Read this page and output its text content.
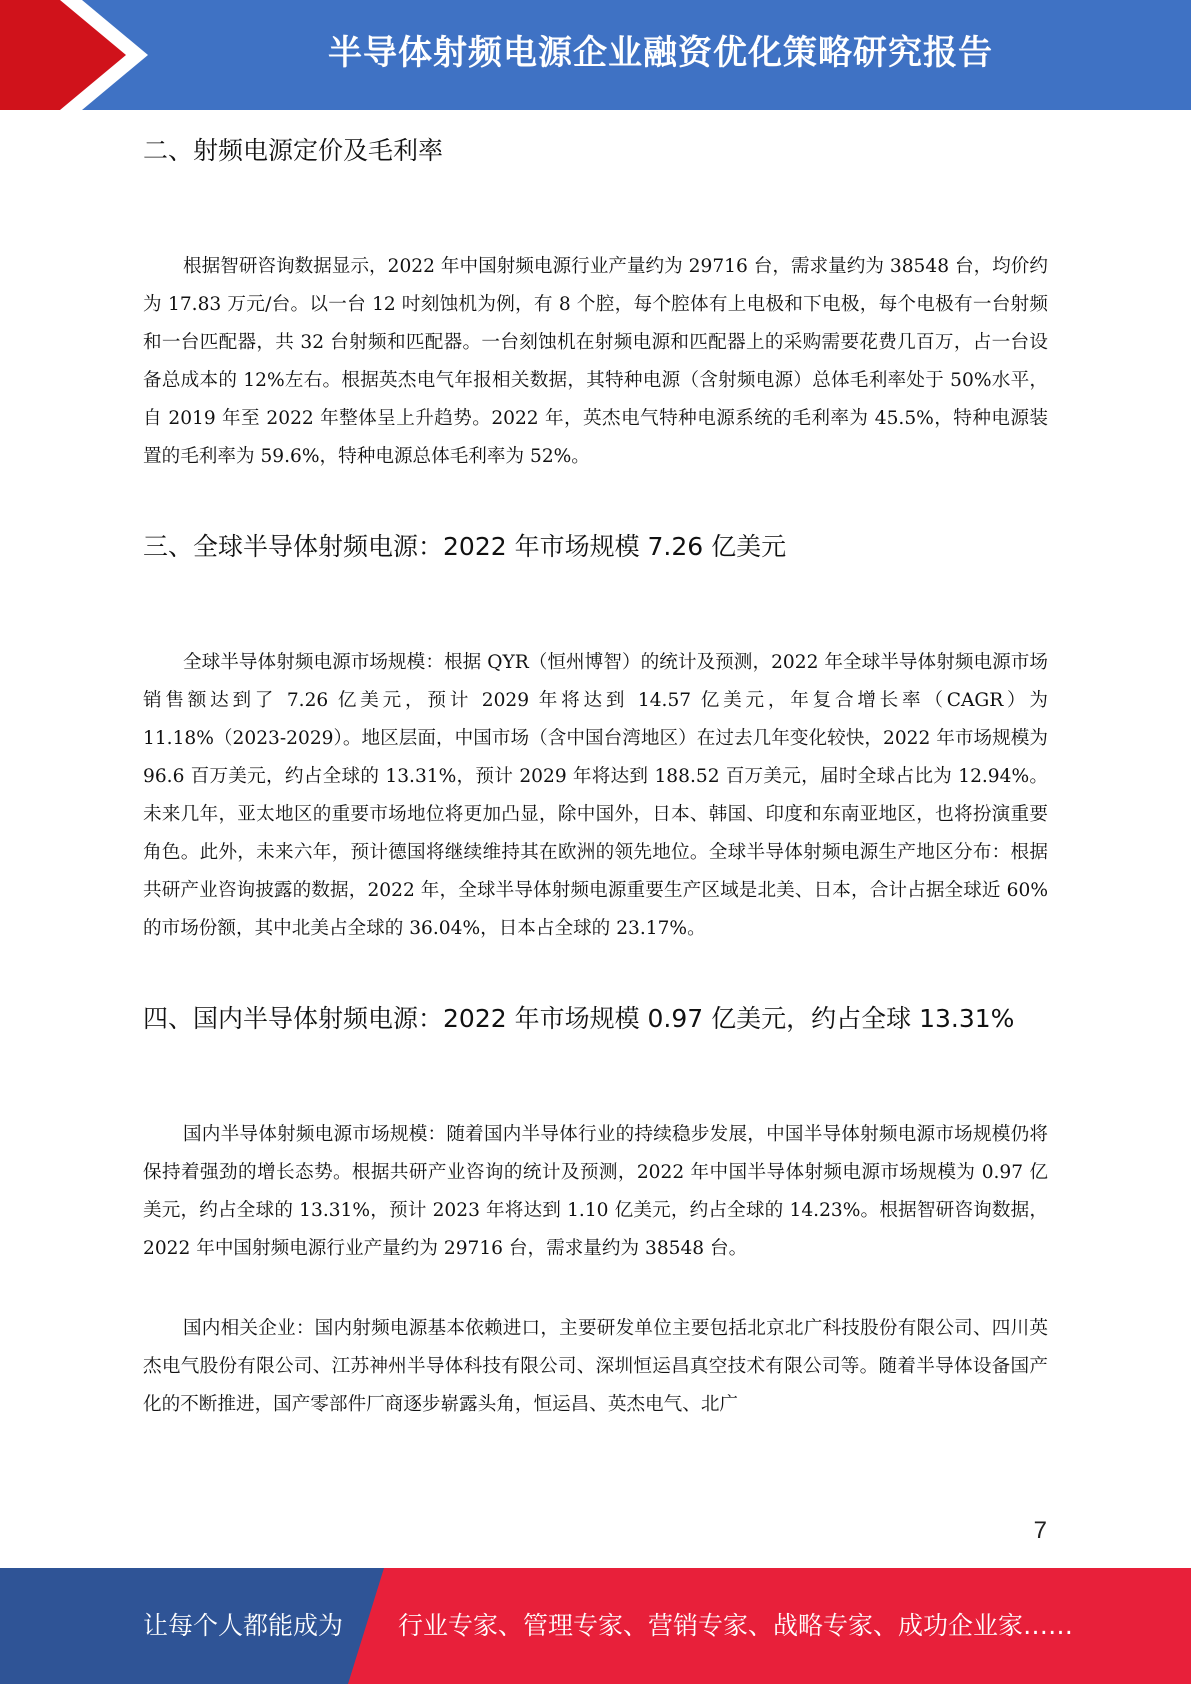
半导体射频电源企业融资优化策略研究报告
二、射频电源定价及毛利率

根据智研咨询数据显示，2022 年中国射频电源行业产量约为 29716 台，需求量约为 38548 台，均价约为 17.83 万元/台。以一台 12 吋刻蚀机为例，有 8 个腔，每个腔体有上电极和下电极，每个电极有一台射频和一台匹配器，共 32 台射频和匹配器。一台刻蚀机在射频电源和匹配器上的采购需要花费几百万，占一台设备总成本的 12%左右。根据英杰电气年报相关数据，其特种电源（含射频电源）总体毛利率处于 50%水平，自 2019 年至 2022 年整体呈上升趋势。2022 年，英杰电气特种电源系统的毛利率为 45.5%，特种电源装置的毛利率为 59.6%，特种电源总体毛利率为 52%。

三、全球半导体射频电源：2022 年市场规模 7.26 亿美元

全球半导体射频电源市场规模：根据 QYR（恒州博智）的统计及预测，2022 年全球半导体射频电源市场销售额达到了 7.26 亿美元，预计 2029 年将达到 14.57 亿美元，年复合增长率（CAGR）为 11.18%（2023-2029）。地区层面，中国市场（含中国台湾地区）在过去几年变化较快，2022 年市场规模为 96.6 百万美元，约占全球的 13.31%，预计 2029 年将达到 188.52 百万美元，届时全球占比为 12.94%。未来几年，亚太地区的重要市场地位将更加凸显，除中国外，日本、韩国、印度和东南亚地区，也将扮演重要角色。此外，未来六年，预计德国将继续维持其在欧洲的领先地位。全球半导体射频电源生产地区分布：根据共研产业咨询披露的数据，2022 年，全球半导体射频电源重要生产区域是北美、日本，合计占据全球近 60%的市场份额，其中北美占全球的 36.04%，日本占全球的 23.17%。

四、国内半导体射频电源：2022 年市场规模 0.97 亿美元，约占全球 13.31%

国内半导体射频电源市场规模：随着国内半导体行业的持续稳步发展，中国半导体射频电源市场规模仍将保持着强劲的增长态势。根据共研产业咨询的统计及预测，2022 年中国半导体射频电源市场规模为 0.97 亿美元，约占全球的 13.31%，预计 2023 年将达到 1.10 亿美元，约占全球的 14.23%。根据智研咨询数据，2022 年中国射频电源行业产量约为 29716 台，需求量约为 38548 台。

国内相关企业：国内射频电源基本依赖进口，主要研发单位主要包括北京北广科技股份有限公司、四川英杰电气股份有限公司、江苏神州半导体科技有限公司、深圳恒运昌真空技术有限公司等。随着半导体设备国产化的不断推进，国产零部件厂商逐步崭露头角，恒运昌、英杰电气、北广

7
让每个人都能成为 行业专家、管理专家、营销专家、战略专家、成功企业家……
